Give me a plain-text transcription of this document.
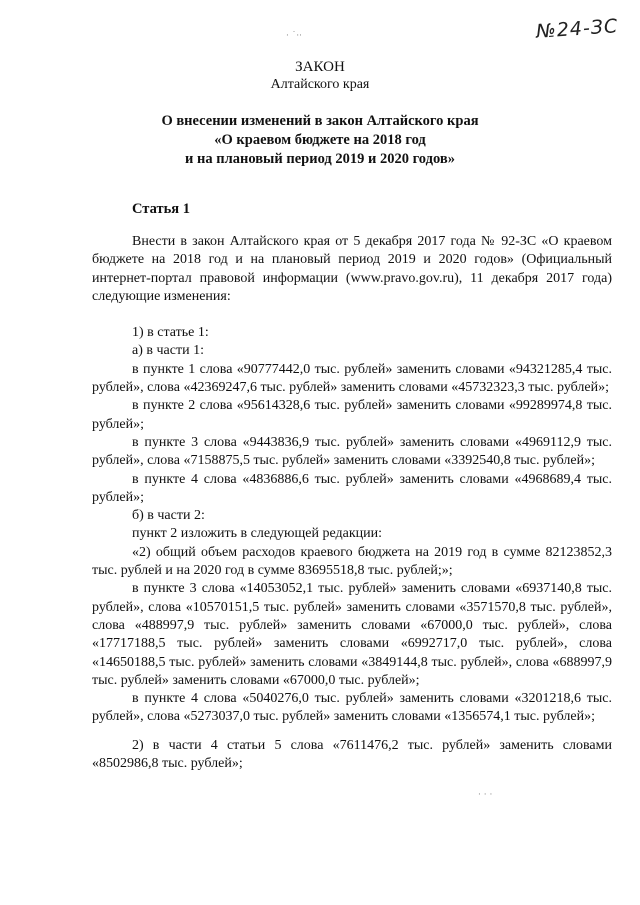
№24-ЗС
ЗАКОН
Алтайского края
О внесении изменений в закон Алтайского края
«О краевом бюджете на 2018 год
и на плановый период 2019 и 2020 годов»
Статья 1

Внести в закон Алтайского края от 5 декабря 2017 года № 92-ЗС «О краевом бюджете на 2018 год и на плановый период 2019 и 2020 годов» (Официальный интернет-портал правовой информации (www.pravo.gov.ru), 11 декабря 2017 года) следующие изменения:

1) в статье 1:

а) в части 1:

в пункте 1 слова «90777442,0 тыс. рублей» заменить словами «94321285,4 тыс. рублей», слова «42369247,6 тыс. рублей» заменить словами «45732323,3 тыс. рублей»;

в пункте 2 слова «95614328,6 тыс. рублей» заменить словами «99289974,8 тыс. рублей»;

в пункте 3 слова «9443836,9 тыс. рублей» заменить словами «4969112,9 тыс. рублей», слова «7158875,5 тыс. рублей» заменить словами «3392540,8 тыс. рублей»;

в пункте 4 слова «4836886,6 тыс. рублей» заменить словами «4968689,4 тыс. рублей»;

б) в части 2:

пункт 2 изложить в следующей редакции:

«2) общий объем расходов краевого бюджета на 2019 год в сумме 82123852,3 тыс. рублей и на 2020 год в сумме 83695518,8 тыс. рублей;»;

в пункте 3 слова «14053052,1 тыс. рублей» заменить словами «6937140,8 тыс. рублей», слова «10570151,5 тыс. рублей» заменить словами «3571570,8 тыс. рублей», слова «488997,9 тыс. рублей» заменить словами «67000,0 тыс. рублей», слова «17717188,5 тыс. рублей» заменить словами «6992717,0 тыс. рублей», слова «14650188,5 тыс. рублей» заменить словами «3849144,8 тыс. рублей», слова «688997,9 тыс. рублей» заменить словами «67000,0 тыс. рублей»;

в пункте 4 слова «5040276,0 тыс. рублей» заменить словами «3201218,6 тыс. рублей», слова «5273037,0 тыс. рублей» заменить словами «1356574,1 тыс. рублей»;

2) в части 4 статьи 5 слова «7611476,2 тыс. рублей» заменить словами «8502986,8 тыс. рублей»;

· ˙··
· · ·
